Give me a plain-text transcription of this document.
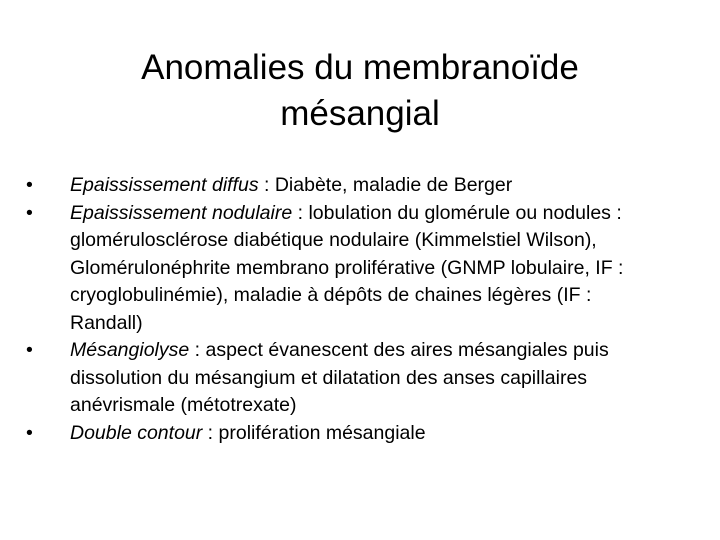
Anomalies du membranoïde
mésangial
• Epaississement diffus : Diabète, maladie de Berger
• Epaississement nodulaire : lobulation du glomérule ou nodules : glomérulosclérose diabétique nodulaire (Kimmelstiel Wilson), Glomérulonéphrite membrano proliférative (GNMP lobulaire, IF : cryoglobulinémie), maladie à dépôts de chaines légères (IF : Randall)
• Mésangiolyse : aspect évanescent des aires mésangiales puis dissolution du mésangium et dilatation des anses capillaires anévrismale (métotrexate)
• Double contour : prolifération mésangiale
